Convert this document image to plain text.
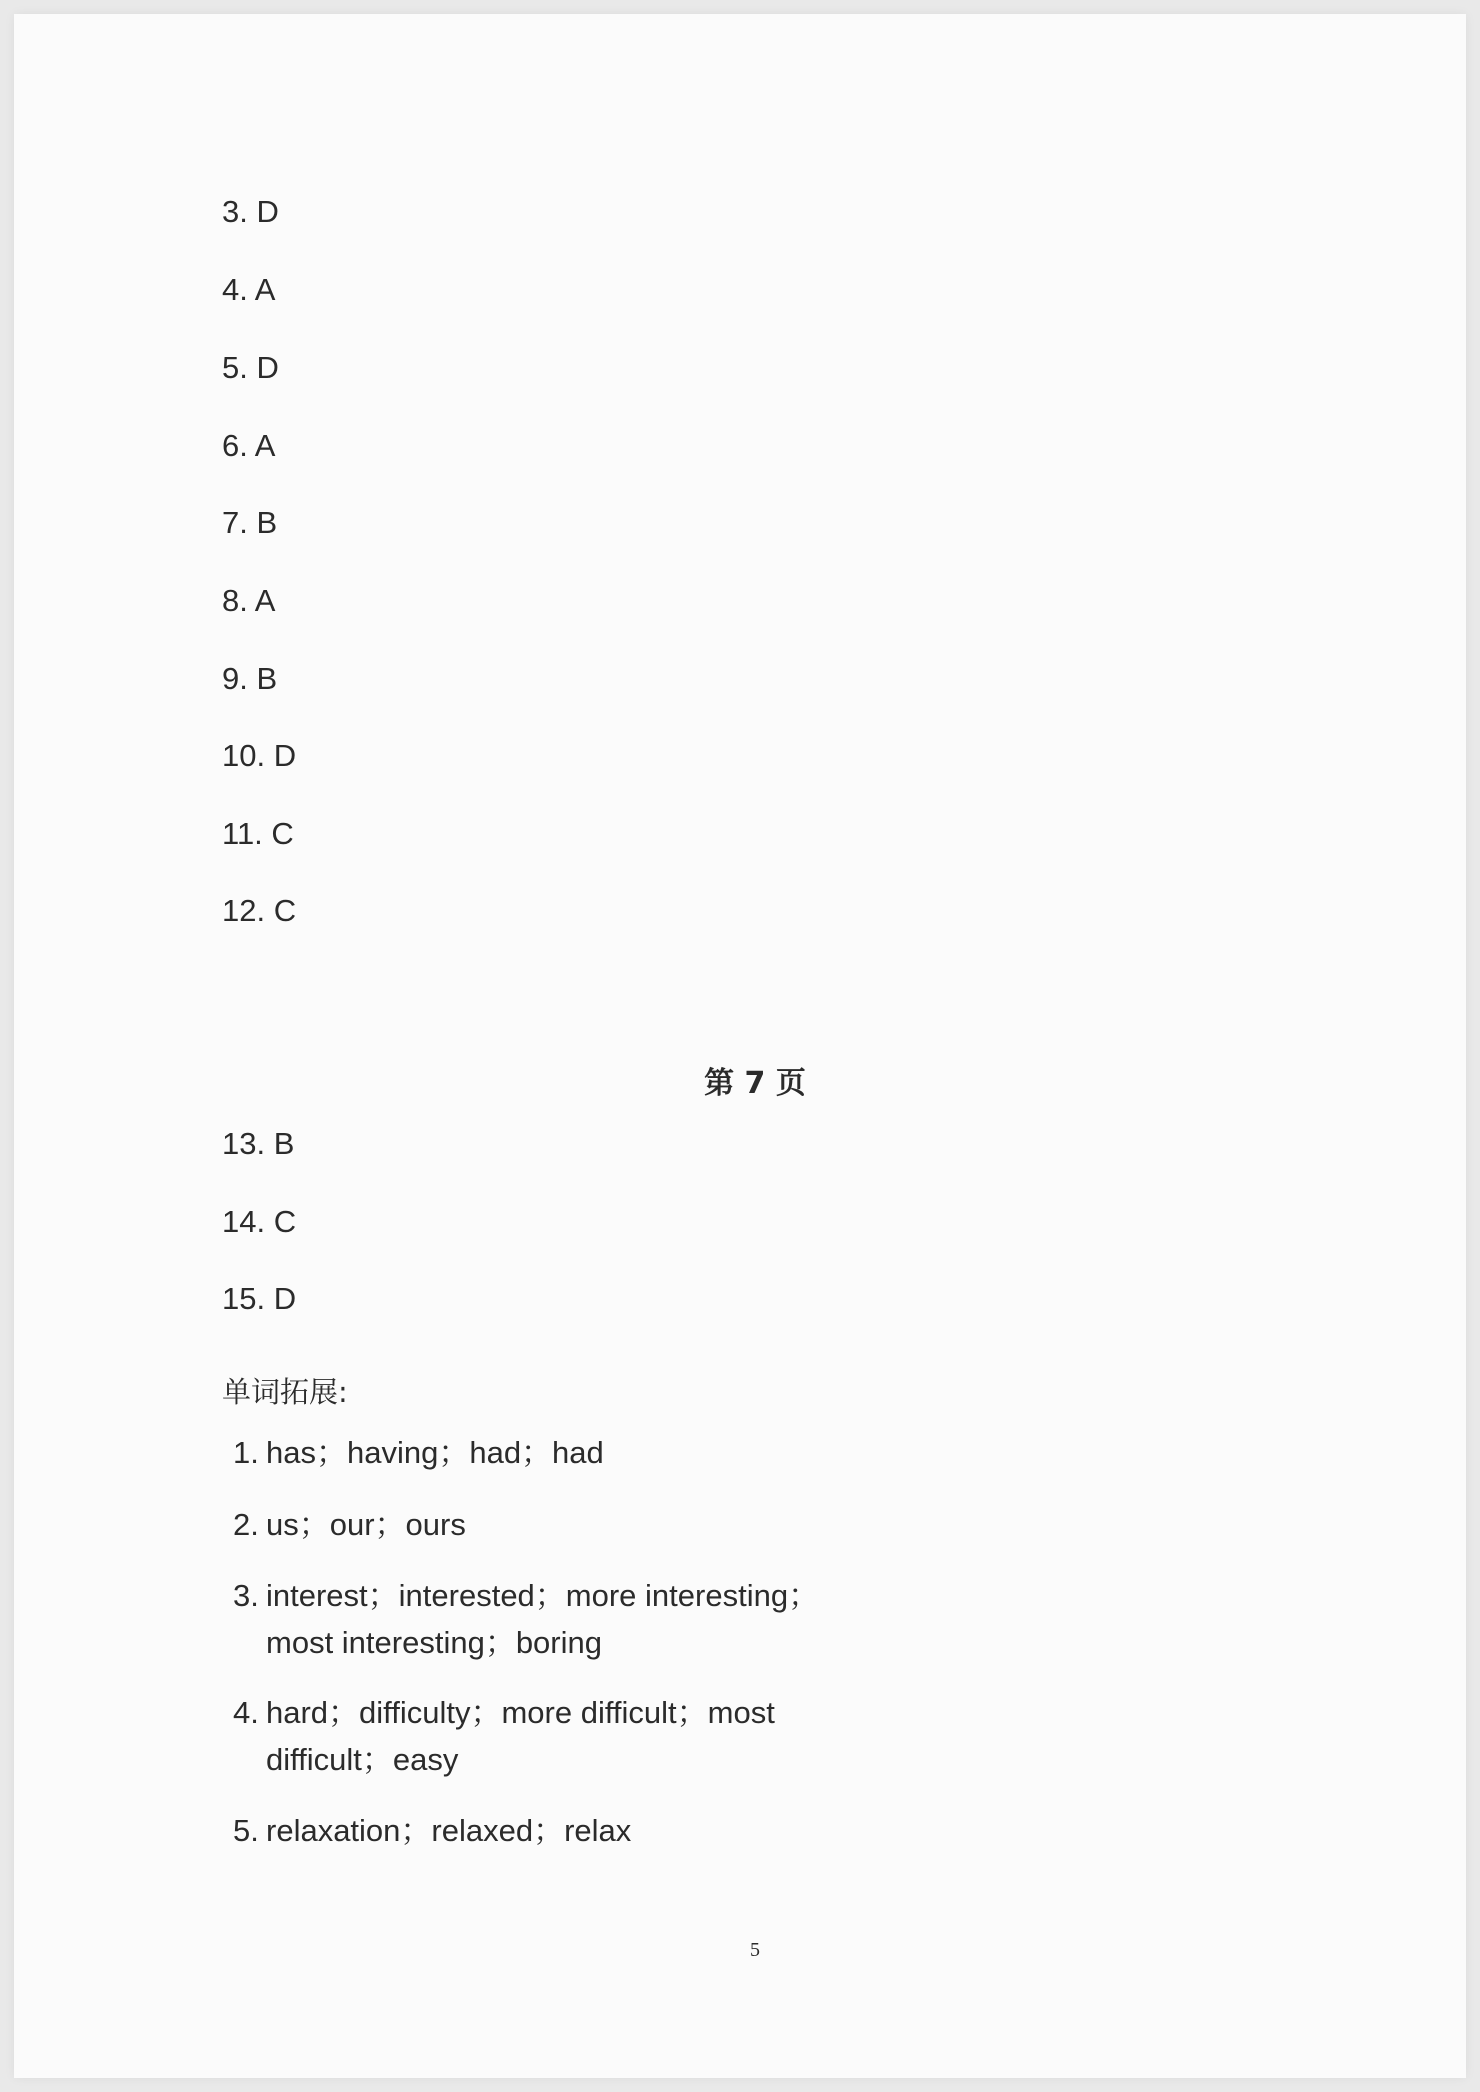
3. D
4. A
5. D
6. A
7. B
8. A
9. B
10. D
11. C
12. C
第 7 页
13. B
14. C
15. D
单词拓展:
1. has；having；had；had
2. us；our；ours
3. interest；interested；more interesting；
most interesting；boring
4. hard；difficulty；more difficult；most
difficult；easy
5. relaxation；relaxed；relax
5
